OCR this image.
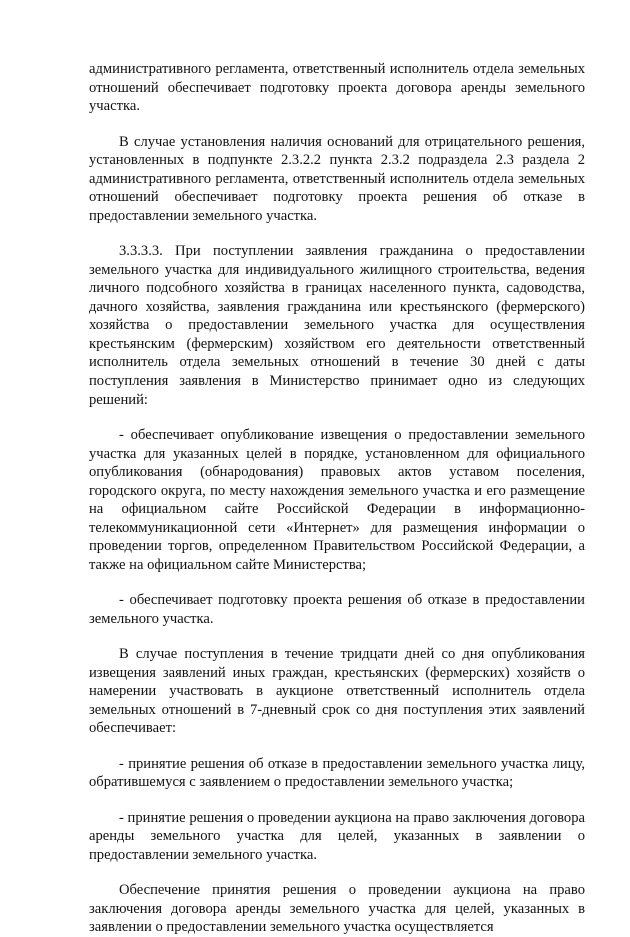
административного регламента, ответственный исполнитель отдела земельных отношений обеспечивает подготовку проекта договора аренды земельного участка.

В случае установления наличия оснований для отрицательного решения, установленных в подпункте 2.3.2.2 пункта 2.3.2 подраздела 2.3 раздела 2 административного регламента, ответственный исполнитель отдела земельных отношений обеспечивает подготовку проекта решения об отказе в предоставлении земельного участка.

3.3.3.3. При поступлении заявления гражданина о предоставлении земельного участка для индивидуального жилищного строительства, ведения личного подсобного хозяйства в границах населенного пункта, садоводства, дачного хозяйства, заявления гражданина или крестьянского (фермерского) хозяйства о предоставлении земельного участка для осуществления крестьянским (фермерским) хозяйством его деятельности ответственный исполнитель отдела земельных отношений в течение 30 дней с даты поступления заявления в Министерство принимает одно из следующих решений:

- обеспечивает опубликование извещения о предоставлении земельного участка для указанных целей в порядке, установленном для официального опубликования (обнародования) правовых актов уставом поселения, городского округа, по месту нахождения земельного участка и его размещение на официальном сайте Российской Федерации в информационно-телекоммуникационной сети «Интернет» для размещения информации о проведении торгов, определенном Правительством Российской Федерации, а также на официальном сайте Министерства;

- обеспечивает подготовку проекта решения об отказе в предоставлении земельного участка.

В случае поступления в течение тридцати дней со дня опубликования извещения заявлений иных граждан, крестьянских (фермерских) хозяйств о намерении участвовать в аукционе ответственный исполнитель отдела земельных отношений в 7-дневный срок со дня поступления этих заявлений обеспечивает:

- принятие решения об отказе в предоставлении земельного участка лицу, обратившемуся с заявлением о предоставлении земельного участка;

- принятие решения о проведении аукциона на право заключения договора аренды земельного участка для целей, указанных в заявлении о предоставлении земельного участка.

Обеспечение принятия решения о проведении аукциона на право заключения договора аренды земельного участка для целей, указанных в заявлении о предоставлении земельного участка осуществляется
